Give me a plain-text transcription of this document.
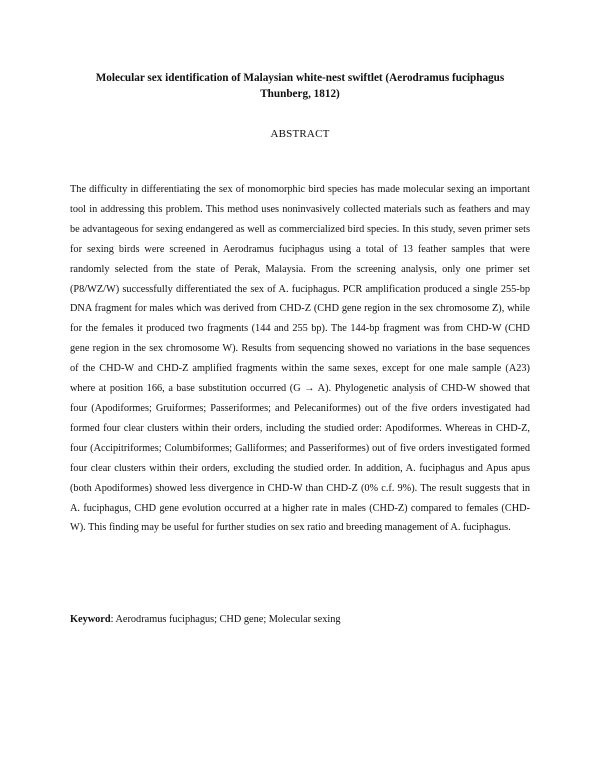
Molecular sex identification of Malaysian white-nest swiftlet (Aerodramus fuciphagus Thunberg, 1812)
ABSTRACT

The difficulty in differentiating the sex of monomorphic bird species has made molecular sexing an important tool in addressing this problem. This method uses noninvasively collected materials such as feathers and may be advantageous for sexing endangered as well as commercialized bird species. In this study, seven primer sets for sexing birds were screened in Aerodramus fuciphagus using a total of 13 feather samples that were randomly selected from the state of Perak, Malaysia. From the screening analysis, only one primer set (P8/WZ/W) successfully differentiated the sex of A. fuciphagus. PCR amplification produced a single 255-bp DNA fragment for males which was derived from CHD-Z (CHD gene region in the sex chromosome Z), while for the females it produced two fragments (144 and 255 bp). The 144-bp fragment was from CHD-W (CHD gene region in the sex chromosome W). Results from sequencing showed no variations in the base sequences of the CHD-W and CHD-Z amplified fragments within the same sexes, except for one male sample (A23) where at position 166, a base substitution occurred (G → A). Phylogenetic analysis of CHD-W showed that four (Apodiformes; Gruiformes; Passeriformes; and Pelecaniformes) out of the five orders investigated had formed four clear clusters within their orders, including the studied order: Apodiformes. Whereas in CHD-Z, four (Accipitriformes; Columbiformes; Galliformes; and Passeriformes) out of five orders investigated formed four clear clusters within their orders, excluding the studied order. In addition, A. fuciphagus and Apus apus (both Apodiformes) showed less divergence in CHD-W than CHD-Z (0% c.f. 9%). The result suggests that in A. fuciphagus, CHD gene evolution occurred at a higher rate in males (CHD-Z) compared to females (CHD-W). This finding may be useful for further studies on sex ratio and breeding management of A. fuciphagus.

Keyword: Aerodramus fuciphagus; CHD gene; Molecular sexing
